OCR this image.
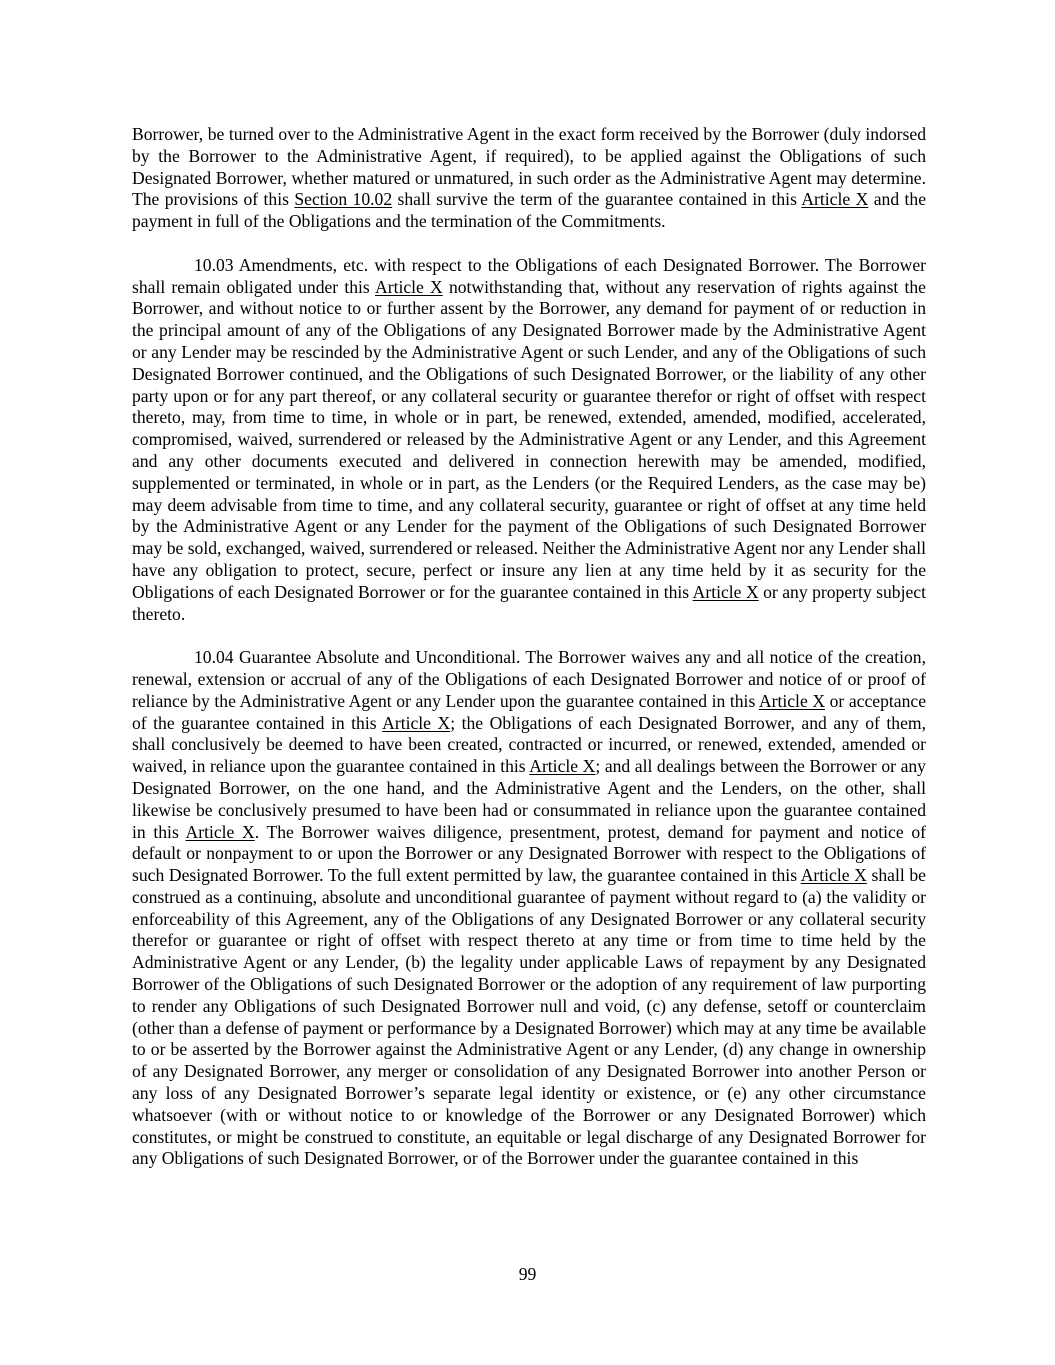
Borrower, be turned over to the Administrative Agent in the exact form received by the Borrower (duly indorsed by the Borrower to the Administrative Agent, if required), to be applied against the Obligations of such Designated Borrower, whether matured or unmatured, in such order as the Administrative Agent may determine. The provisions of this Section 10.02 shall survive the term of the guarantee contained in this Article X and the payment in full of the Obligations and the termination of the Commitments.

10.03 Amendments, etc. with respect to the Obligations of each Designated Borrower. The Borrower shall remain obligated under this Article X notwithstanding that, without any reservation of rights against the Borrower, and without notice to or further assent by the Borrower, any demand for payment of or reduction in the principal amount of any of the Obligations of any Designated Borrower made by the Administrative Agent or any Lender may be rescinded by the Administrative Agent or such Lender, and any of the Obligations of such Designated Borrower continued, and the Obligations of such Designated Borrower, or the liability of any other party upon or for any part thereof, or any collateral security or guarantee therefor or right of offset with respect thereto, may, from time to time, in whole or in part, be renewed, extended, amended, modified, accelerated, compromised, waived, surrendered or released by the Administrative Agent or any Lender, and this Agreement and any other documents executed and delivered in connection herewith may be amended, modified, supplemented or terminated, in whole or in part, as the Lenders (or the Required Lenders, as the case may be) may deem advisable from time to time, and any collateral security, guarantee or right of offset at any time held by the Administrative Agent or any Lender for the payment of the Obligations of such Designated Borrower may be sold, exchanged, waived, surrendered or released. Neither the Administrative Agent nor any Lender shall have any obligation to protect, secure, perfect or insure any lien at any time held by it as security for the Obligations of each Designated Borrower or for the guarantee contained in this Article X or any property subject thereto.

10.04 Guarantee Absolute and Unconditional. The Borrower waives any and all notice of the creation, renewal, extension or accrual of any of the Obligations of each Designated Borrower and notice of or proof of reliance by the Administrative Agent or any Lender upon the guarantee contained in this Article X or acceptance of the guarantee contained in this Article X; the Obligations of each Designated Borrower, and any of them, shall conclusively be deemed to have been created, contracted or incurred, or renewed, extended, amended or waived, in reliance upon the guarantee contained in this Article X; and all dealings between the Borrower or any Designated Borrower, on the one hand, and the Administrative Agent and the Lenders, on the other, shall likewise be conclusively presumed to have been had or consummated in reliance upon the guarantee contained in this Article X. The Borrower waives diligence, presentment, protest, demand for payment and notice of default or nonpayment to or upon the Borrower or any Designated Borrower with respect to the Obligations of such Designated Borrower. To the full extent permitted by law, the guarantee contained in this Article X shall be construed as a continuing, absolute and unconditional guarantee of payment without regard to (a) the validity or enforceability of this Agreement, any of the Obligations of any Designated Borrower or any collateral security therefor or guarantee or right of offset with respect thereto at any time or from time to time held by the Administrative Agent or any Lender, (b) the legality under applicable Laws of repayment by any Designated Borrower of the Obligations of such Designated Borrower or the adoption of any requirement of law purporting to render any Obligations of such Designated Borrower null and void, (c) any defense, setoff or counterclaim (other than a defense of payment or performance by a Designated Borrower) which may at any time be available to or be asserted by the Borrower against the Administrative Agent or any Lender, (d) any change in ownership of any Designated Borrower, any merger or consolidation of any Designated Borrower into another Person or any loss of any Designated Borrower’s separate legal identity or existence, or (e) any other circumstance whatsoever (with or without notice to or knowledge of the Borrower or any Designated Borrower) which constitutes, or might be construed to constitute, an equitable or legal discharge of any Designated Borrower for any Obligations of such Designated Borrower, or of the Borrower under the guarantee contained in this

99
